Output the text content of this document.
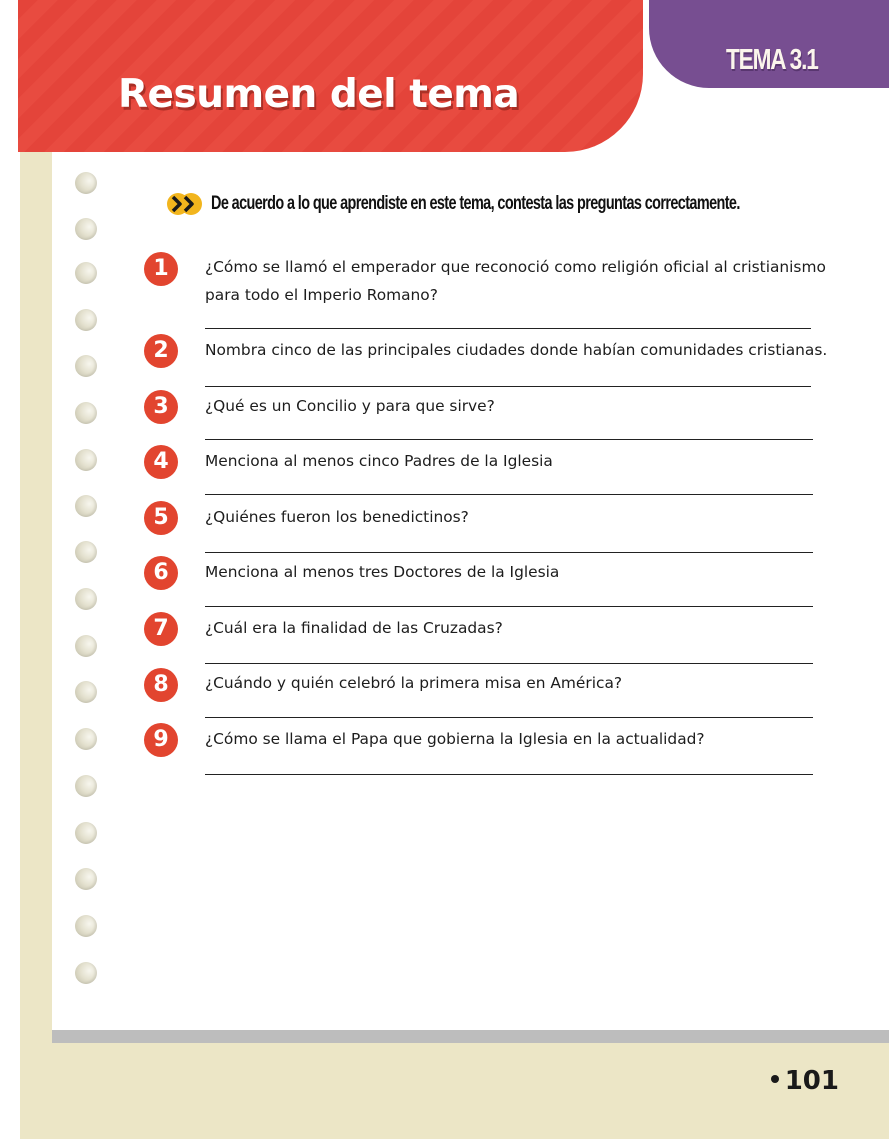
Resumen del tema
TEMA 3.1
De acuerdo a lo que aprendiste en este tema, contesta las preguntas correctamente.
1	¿Cómo se llamó el emperador que reconoció como religión oficial al cristianismo para todo el Imperio Romano?
2	Nombra cinco de las principales ciudades donde habían comunidades cristianas.
3	¿Qué es un Concilio y para que sirve?
4	Menciona al menos cinco Padres de la Iglesia
5	¿Quiénes fueron los benedictinos?
6	Menciona al menos tres Doctores de la Iglesia
7	¿Cuál era la finalidad de las Cruzadas?
8	¿Cuándo y quién celebró la primera misa en América?
9	¿Cómo se llama el Papa que gobierna la Iglesia en la actualidad?
101
